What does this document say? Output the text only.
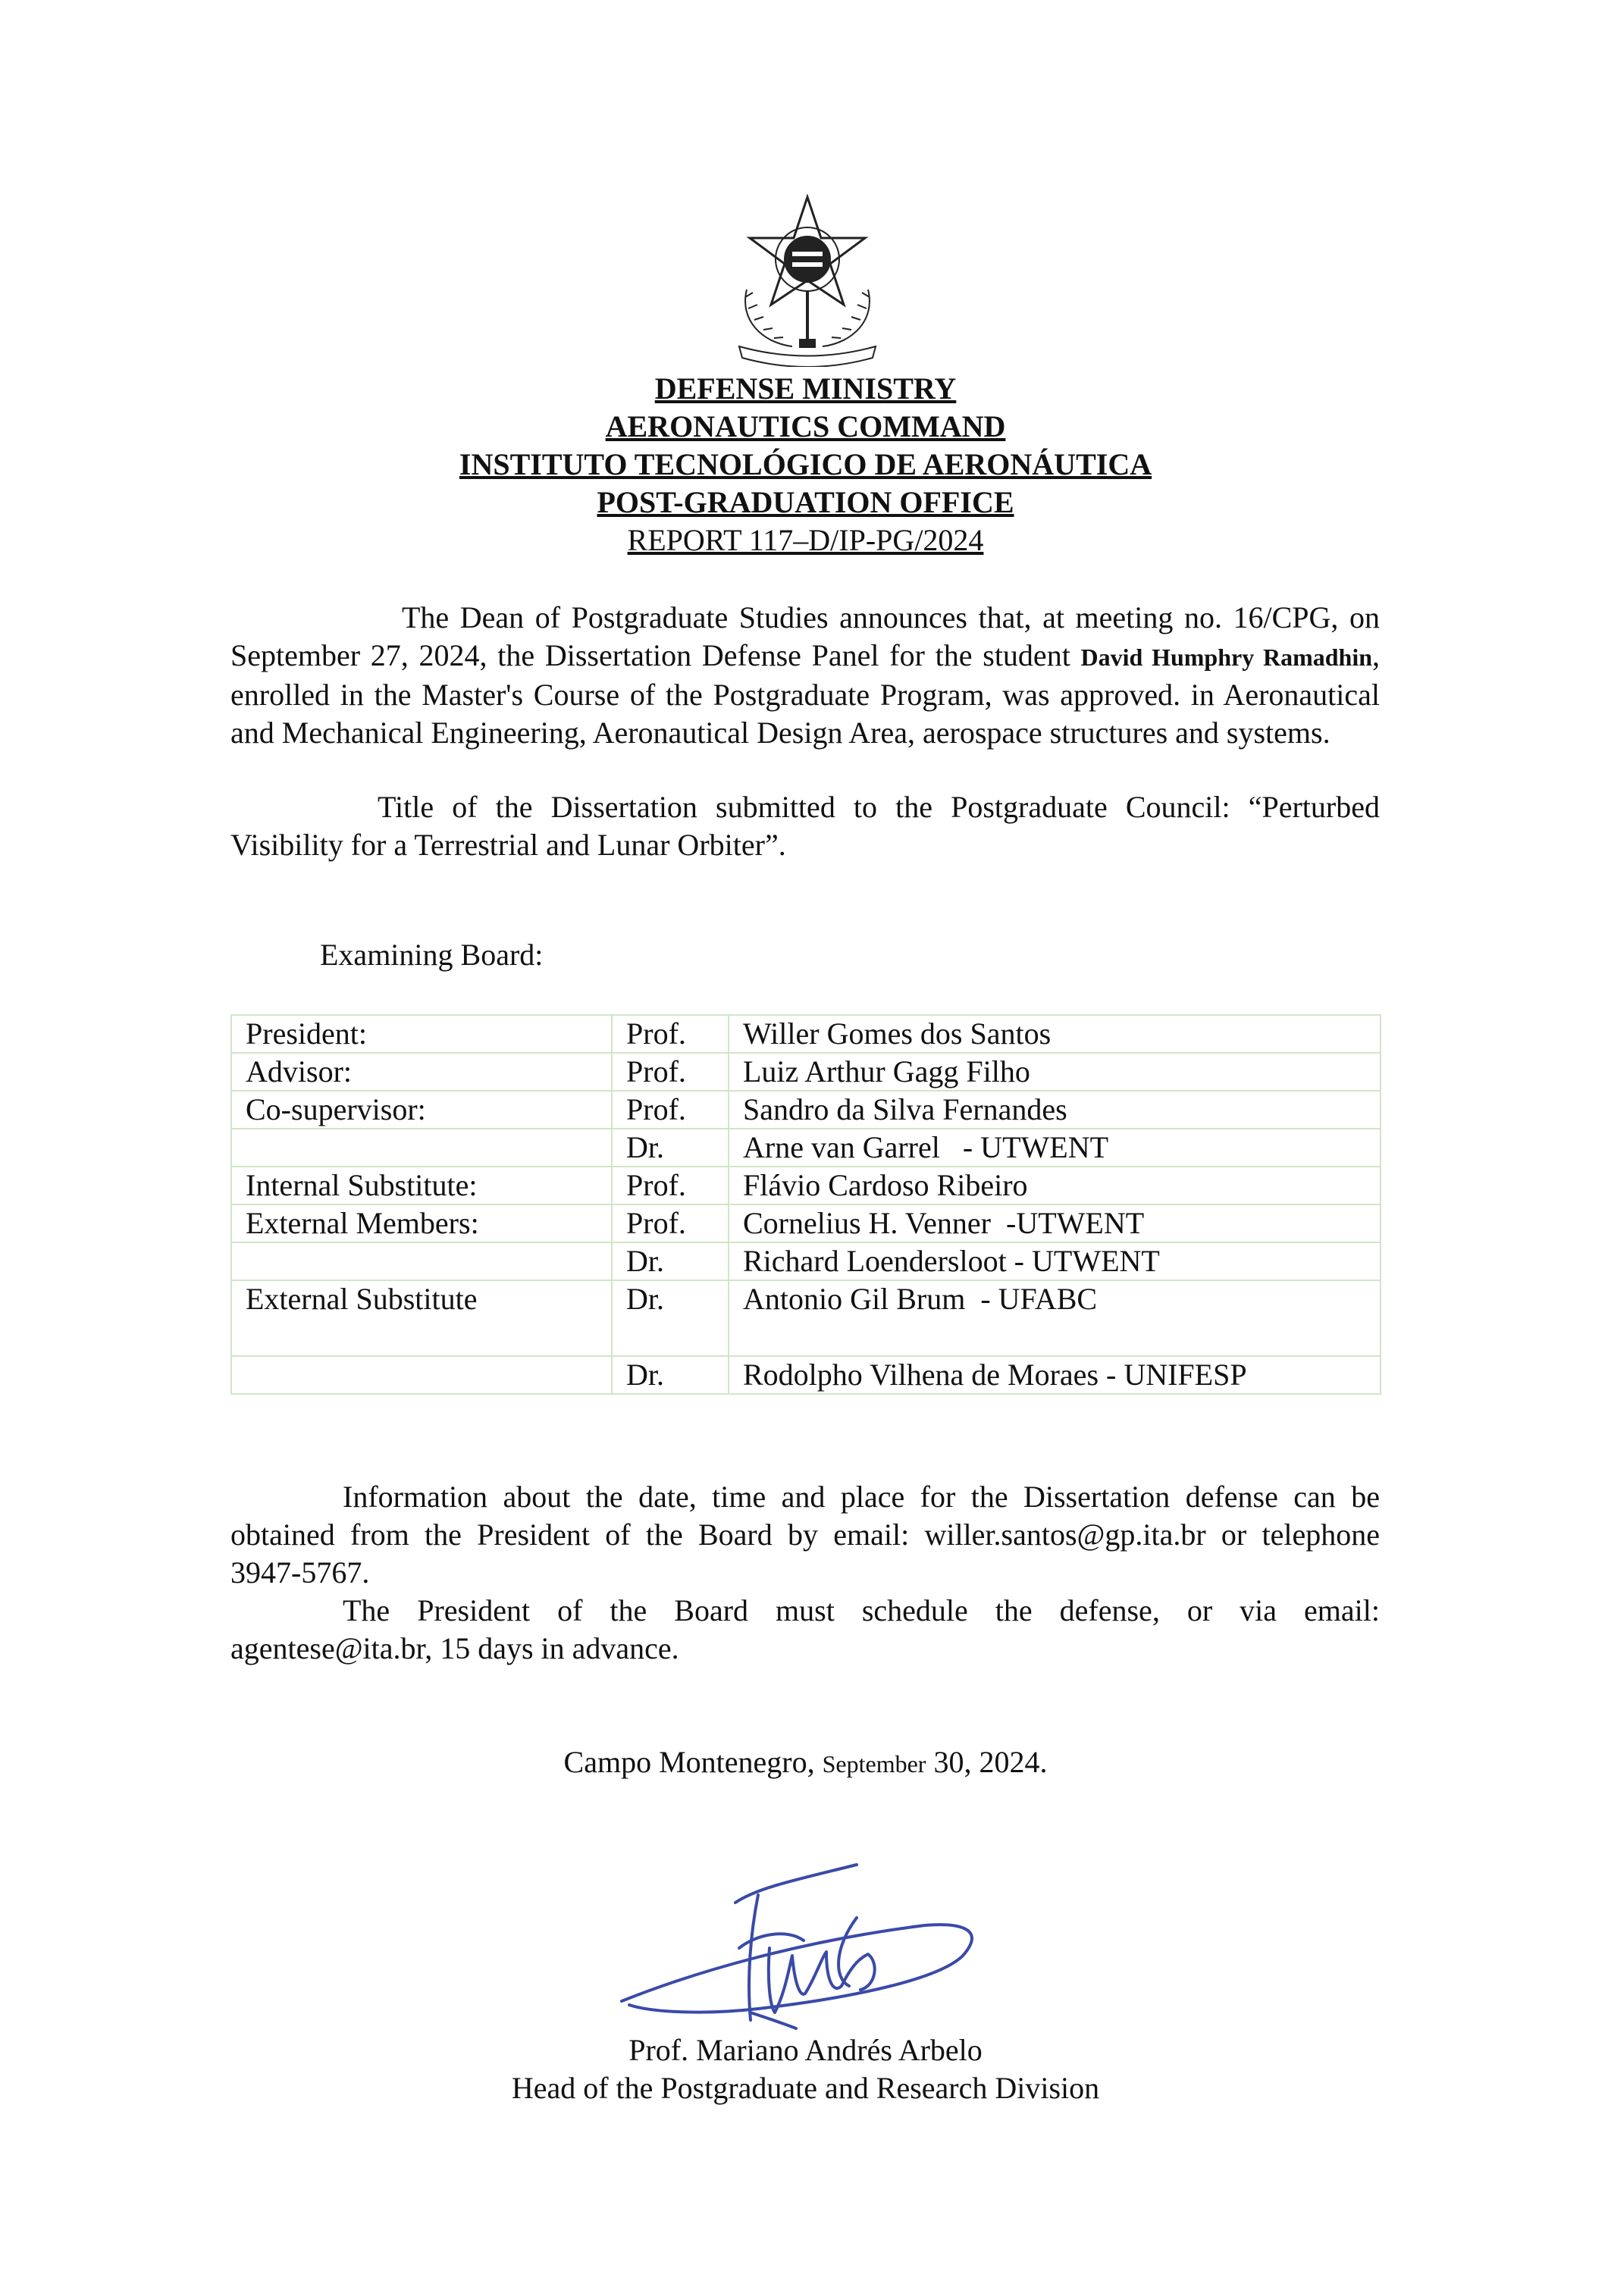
DEFENSE MINISTRY

AERONAUTICS COMMAND

INSTITUTO TECNOLÓGICO DE AERONÁUTICA

POST-GRADUATION OFFICE

REPORT 117–D/IP-PG/2024

The Dean of Postgraduate Studies announces that, at meeting no. 16/CPG, on September 27, 2024, the Dissertation Defense Panel for the student David Humphry Ramadhin, enrolled in the Master's Course of the Postgraduate Program, was approved. in Aeronautical and Mechanical Engineering, Aeronautical Design Area, aerospace structures and systems.
Title of the Dissertation submitted to the Postgraduate Council: “Perturbed Visibility for a Terrestrial and Lunar Orbiter”.
Examining Board:
President:	Prof.	Willer Gomes dos Santos
Advisor:	Prof.	Luiz Arthur Gagg Filho
Co-supervisor:	Prof.	Sandro da Silva Fernandes
	Dr.	Arne van Garrel   - UTWENT
Internal Substitute:	Prof.	Flávio Cardoso Ribeiro
External Members:	Prof.	Cornelius H. Venner  -UTWENT
	Dr.	Richard Loendersloot - UTWENT
External Substitute	Dr.	Antonio Gil Brum  - UFABC
	Dr.	Rodolpho Vilhena de Moraes - UNIFESP
Information about the date, time and place for the Dissertation defense can be
obtained from the President of the Board by email: willer.santos@gp.ita.br or telephone
3947-5767.
The President of the Board must schedule the defense, or via email:
agentese@ita.br, 15 days in advance.
Campo Montenegro, September 30, 2024.
Prof. Mariano Andrés Arbelo
Head of the Postgraduate and Research Division
